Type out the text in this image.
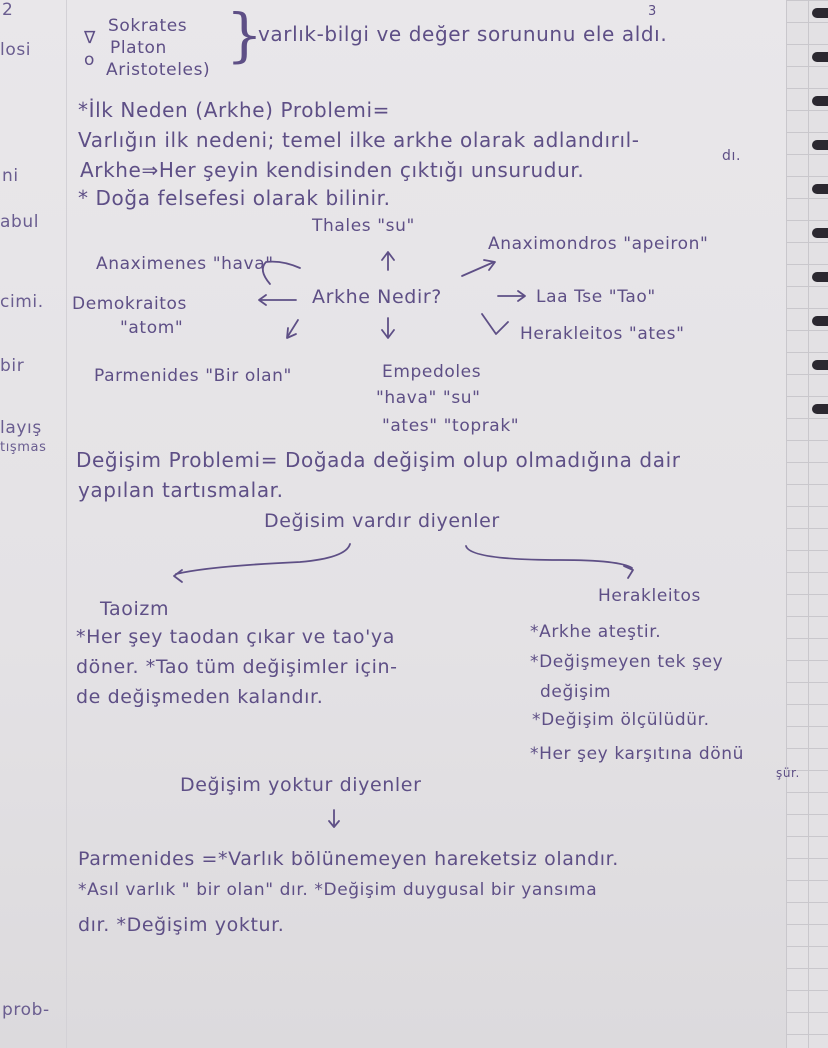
2
losi
ni
abul
cimi.
bir
layış
tışmas
prob-
∇
o
Sokrates
Platon
Aristoteles)
}
varlık-bilgi ve değer sorununu ele aldı.
3
*İlk Neden (Arkhe) Problemi=
Varlığın ilk nedeni; temel ilke arkhe olarak adlandırıl-
dı.
Arkhe⇒Her şeyin kendisinden çıktığı unsurudur.
* Doğa felsefesi olarak bilinir.
Thales "su"
Anaximondros "apeiron"
Anaximenes "hava"
Arkhe Nedir?	Laa Tse "Tao"
Demokraitos
"atom"	Herakleitos "ates"
Parmenides "Bir olan"	Empedoles
"hava" "su"
"ates" "toprak"
Değişim Problemi= Doğada değişim olup olmadığına dair
yapılan tartısmalar.
Değisim vardır diyenler
Taoizm
*Her şey taodan çıkar ve tao'ya
döner. *Tao tüm değişimler için-
de değişmeden kalandır.
Herakleitos
*Arkhe ateştir.
*Değişmeyen tek şey
değişim
*Değişim ölçülüdür.
*Her şey karşıtına dönü
şür.
Değişim yoktur diyenler
Parmenides =*Varlık bölünemeyen hareketsiz olandır.
*Asıl varlık " bir olan" dır. *Değişim duygusal bir yansıma
dır. *Değişim yoktur.
